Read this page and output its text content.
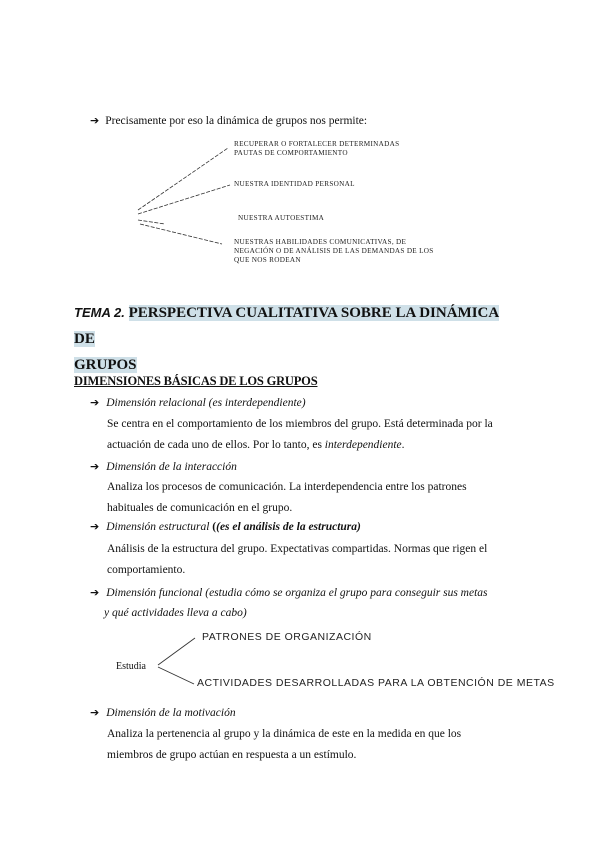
➔ Precisamente por eso la dinámica de grupos nos permite:
RECUPERAR O FORTALECER DETERMINADAS
PAUTAS DE COMPORTAMIENTO
NUESTRA IDENTIDAD PERSONAL
NUESTRA AUTOESTIMA
NUESTRAS HABILIDADES COMUNICATIVAS, DE
NEGACIÓN O DE ANÁLISIS DE LAS DEMANDAS DE LOS
QUE NOS RODEAN
TEMA 2. PERSPECTIVA CUALITATIVA SOBRE LA DINÁMICA DE
GRUPOS
DIMENSIONES BÁSICAS DE LOS GRUPOS
➔ Dimensión relacional (es interdependiente)
Se centra en el comportamiento de los miembros del grupo. Está determinada por la
actuación de cada uno de ellos. Por lo tanto, es interdependiente.
➔ Dimensión de la interacción
Analiza los procesos de comunicación. La interdependencia entre los patrones
habituales de comunicación en el grupo.
➔ Dimensión estructural ((es el análisis de la estructura)
Análisis de la estructura del grupo. Expectativas compartidas. Normas que rigen el
comportamiento.
➔ Dimensión funcional (estudia cómo se organiza el grupo para conseguir sus metas
y qué actividades lleva a cabo)
Estudia
PATRONES DE ORGANIZACIÓN
ACTIVIDADES DESARROLLADAS PARA LA OBTENCIÓN DE METAS
➔ Dimensión de la motivación
Analiza la pertenencia al grupo y la dinámica de este en la medida en que los
miembros de grupo actúan en respuesta a un estímulo.
